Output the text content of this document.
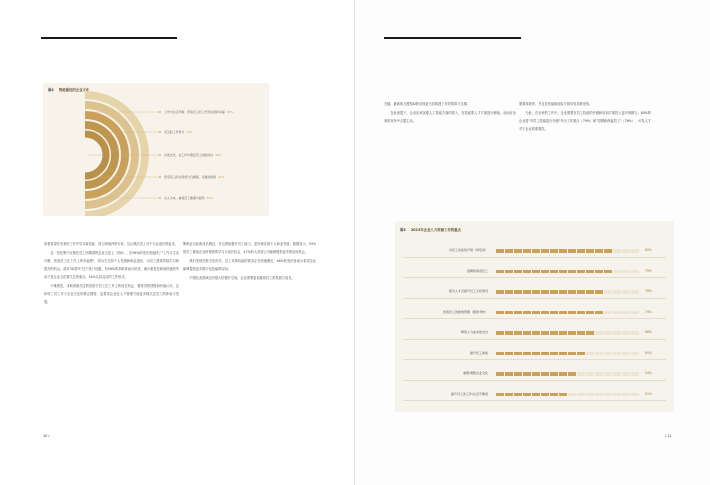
图4 智能最佳的企业文化
工作与生活平衡、营造员工的工作充实感和幸福 58%
灵活的工作形式 54%
共创文化，在工作中激发员工的能动性 46%
营造员工的认同感与归属感，以推动积极 41%
以人为本，重视员工健康与福利 35%

该者希望在未来的工作中学习新技能、成为领域内的专家，这反映出员工对于专业成长的追求。

这一变化集中反映在员工所期望的企业文化上（图4），在56%的受访者选择了"工作与生活平衡、营造员工在工作上的幸福感"，因为它支持个人发展和职业进步，为员工提供持续学习和提升的机会。面对"AI替代"这个热门话题，有56%的求职者表示担忧，减少重复性和低价值的劳动才是企业文化要关注的重点，54%认同灵活的工作形式。

不难预见，求职者最关注的是给予员工在工作上的成长机会、看得见的回报和价值认可，这体现了员工对于企业文化的真正期待，也要求企业在人才管理方面更多地关注员工的体验与发展。

断职业目标和成长路径，并且帮助提升员工能力，更好地实现个人职业发展。数据显示，53%的员工重视企业所提供的学习与成长机会，47%的人希望公司能够提供更多的培训机会。

我们发现在数字化时代，员工对新技能的需求正在快速增长，46%的受访者表示希望企业能够提供更多数字化技能的培训。

中国在此领域还有很大的提升空间，企业需要更加重视员工的发展与成长。

10 /

关键，最新的大模型AI的出现更为其构建了有效的算力支撑。

在此前提下，企业应该加强人工智能方面的投入，在技能型人才方面进行储备，从而在未来的竞争中占据主动。

需要再教育，并且在技能和经验方面具有足够优势。

为此，在未来的工作中，企业需要在员工技能的升级和培训方面投入更多的精力。80%的企业将"对员工技能进行升级"作为工作重点（79%）和"招聘和保留员工"（76%），可见人才对于企业的重要性。

图5 2023年企业人力资源工作的重点
对员工技能的升级（再培训）	80%
招聘和保留员工	79%
吸引人才及提升员工文化建设	76%
改善员工的绩效管理（绩效考核）	74%
降低人力成本的支出	68%
提升员工体验	60%
重塑/调整企业文化	54%
提升员工的工作/生活平衡度	51%
/ 11
